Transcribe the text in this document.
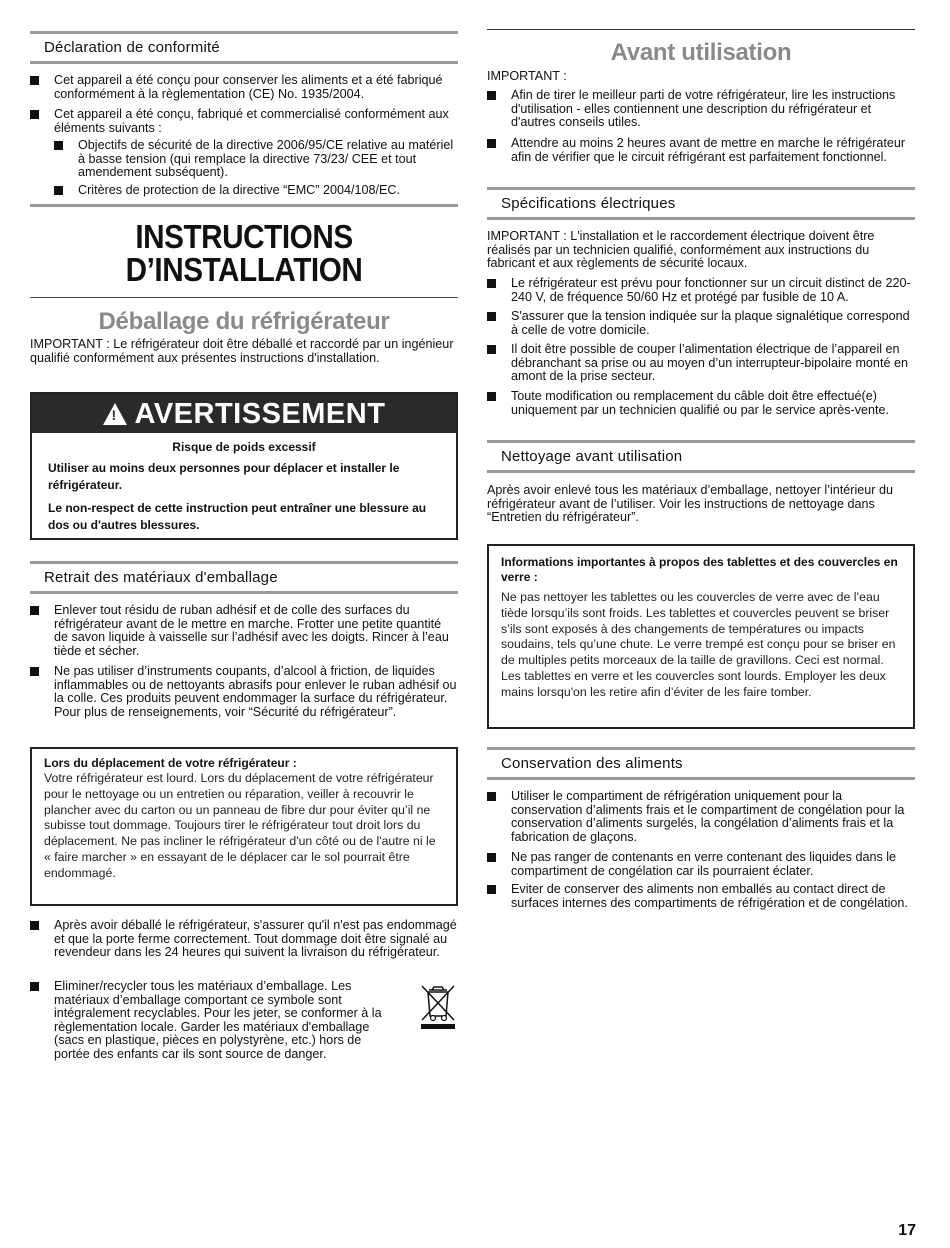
Déclaration de conformité
Cet appareil a été conçu pour conserver les aliments et a été fabriqué conformément à la règlementation (CE) No. 1935/2004.
Cet appareil a été conçu, fabriqué et commercialisé conformément aux éléments suivants :
Objectifs de sécurité de la directive 2006/95/CE relative au matériel à basse tension (qui remplace la directive 73/23/ CEE et tout amendement subséquent).
Critères de protection de la directive “EMC” 2004/108/EC.
INSTRUCTIONS
D’INSTALLATION
Déballage du réfrigérateur
IMPORTANT : Le réfrigérateur doit être déballé et raccordé par un ingénieur qualifié conformément aux présentes instructions d'installation.
! AVERTISSEMENT
Risque de poids excessif
Utiliser au moins deux personnes pour déplacer et installer le réfrigérateur.
Le non-respect de cette instruction peut entraîner une blessure au dos ou d'autres blessures.
Retrait des matériaux d'emballage
Enlever tout résidu de ruban adhésif et de colle des surfaces du réfrigérateur avant de le mettre en marche. Frotter une petite quantité de savon liquide à vaisselle sur l’adhésif avec les doigts. Rincer à l’eau tiède et sécher.
Ne pas utiliser d’instruments coupants, d’alcool à friction, de liquides inflammables ou de nettoyants abrasifs pour enlever le ruban adhésif ou la colle. Ces produits peuvent endommager la surface du réfrigérateur. Pour plus de renseignements, voir “Sécurité du réfrigérateur”.
Lors du déplacement de votre réfrigérateur :
Votre réfrigérateur est lourd. Lors du déplacement de votre réfrigérateur pour le nettoyage ou un entretien ou réparation, veiller à recouvrir le plancher avec du carton ou un panneau de fibre dur pour éviter qu’il ne subisse tout dommage. Toujours tirer le réfrigérateur tout droit lors du déplacement. Ne pas incliner le réfrigérateur d'un côté ou de l'autre ni le « faire marcher » en essayant de le déplacer car le sol pourrait être endommagé.
Après avoir déballé le réfrigérateur, s'assurer qu'il n'est pas endommagé et que la porte ferme correctement. Tout dommage doit être signalé au revendeur dans les 24 heures qui suivent la livraison du réfrigérateur.
Eliminer/recycler tous les matériaux d’emballage. Les matériaux d’emballage comportant ce symbole sont intégralement recyclables. Pour les jeter, se conformer à la règlementation locale. Garder les matériaux d'emballage (sacs en plastique, pièces en polystyrène, etc.) hors de portée des enfants car ils sont source de danger.
Avant utilisation
IMPORTANT :
Afin de tirer le meilleur parti de votre réfrigérateur, lire les instructions d'utilisation - elles contiennent une description du réfrigérateur et d'autres conseils utiles.
Attendre au moins 2 heures avant de mettre en marche le réfrigérateur afin de vérifier que le circuit réfrigérant est parfaitement fonctionnel.
Spécifications électriques
IMPORTANT : L'installation et le raccordement électrique doivent être réalisés par un technicien qualifié, conformément aux instructions du fabricant et aux règlements de sécurité locaux.
Le réfrigérateur est prévu pour fonctionner sur un circuit distinct de 220-240 V, de fréquence 50/60 Hz et protégé par fusible de 10 A.
S'assurer que la tension indiquée sur la plaque signalétique correspond à celle de votre domicile.
Il doit être possible de couper l’alimentation électrique de l’appareil en débranchant sa prise ou au moyen d’un interrupteur-bipolaire monté en amont de la prise secteur.
Toute modification ou remplacement du câble doit être effectué(e) uniquement par un technicien qualifié ou par le service après-vente.
Nettoyage avant utilisation
Après avoir enlevé tous les matériaux d’emballage, nettoyer l’intérieur du réfrigérateur avant de l’utiliser. Voir les instructions de nettoyage dans “Entretien du réfrigérateur”.
Informations importantes à propos des tablettes et des couvercles en verre :
Ne pas nettoyer les tablettes ou les couvercles de verre avec de l’eau tiède lorsqu’ils sont froids. Les tablettes et couvercles peuvent se briser s’ils sont exposés à des changements de températures ou impacts soudains, tels qu’une chute. Le verre trempé est conçu pour se briser en de multiples petits morceaux de la taille de gravillons. Ceci est normal. Les tablettes en verre et les couvercles sont lourds. Employer les deux mains lorsqu'on les retire afin d’éviter de les faire tomber.
Conservation des aliments
Utiliser le compartiment de réfrigération uniquement pour la conservation d’aliments frais et le compartiment de congélation pour la conservation d’aliments surgelés, la congélation d’aliments frais et la fabrication de glaçons.
Ne pas ranger de contenants en verre contenant des liquides dans le compartiment de congélation car ils pourraient éclater.
Eviter de conserver des aliments non emballés au contact direct de surfaces internes des compartiments de réfrigération et de congélation.
17
